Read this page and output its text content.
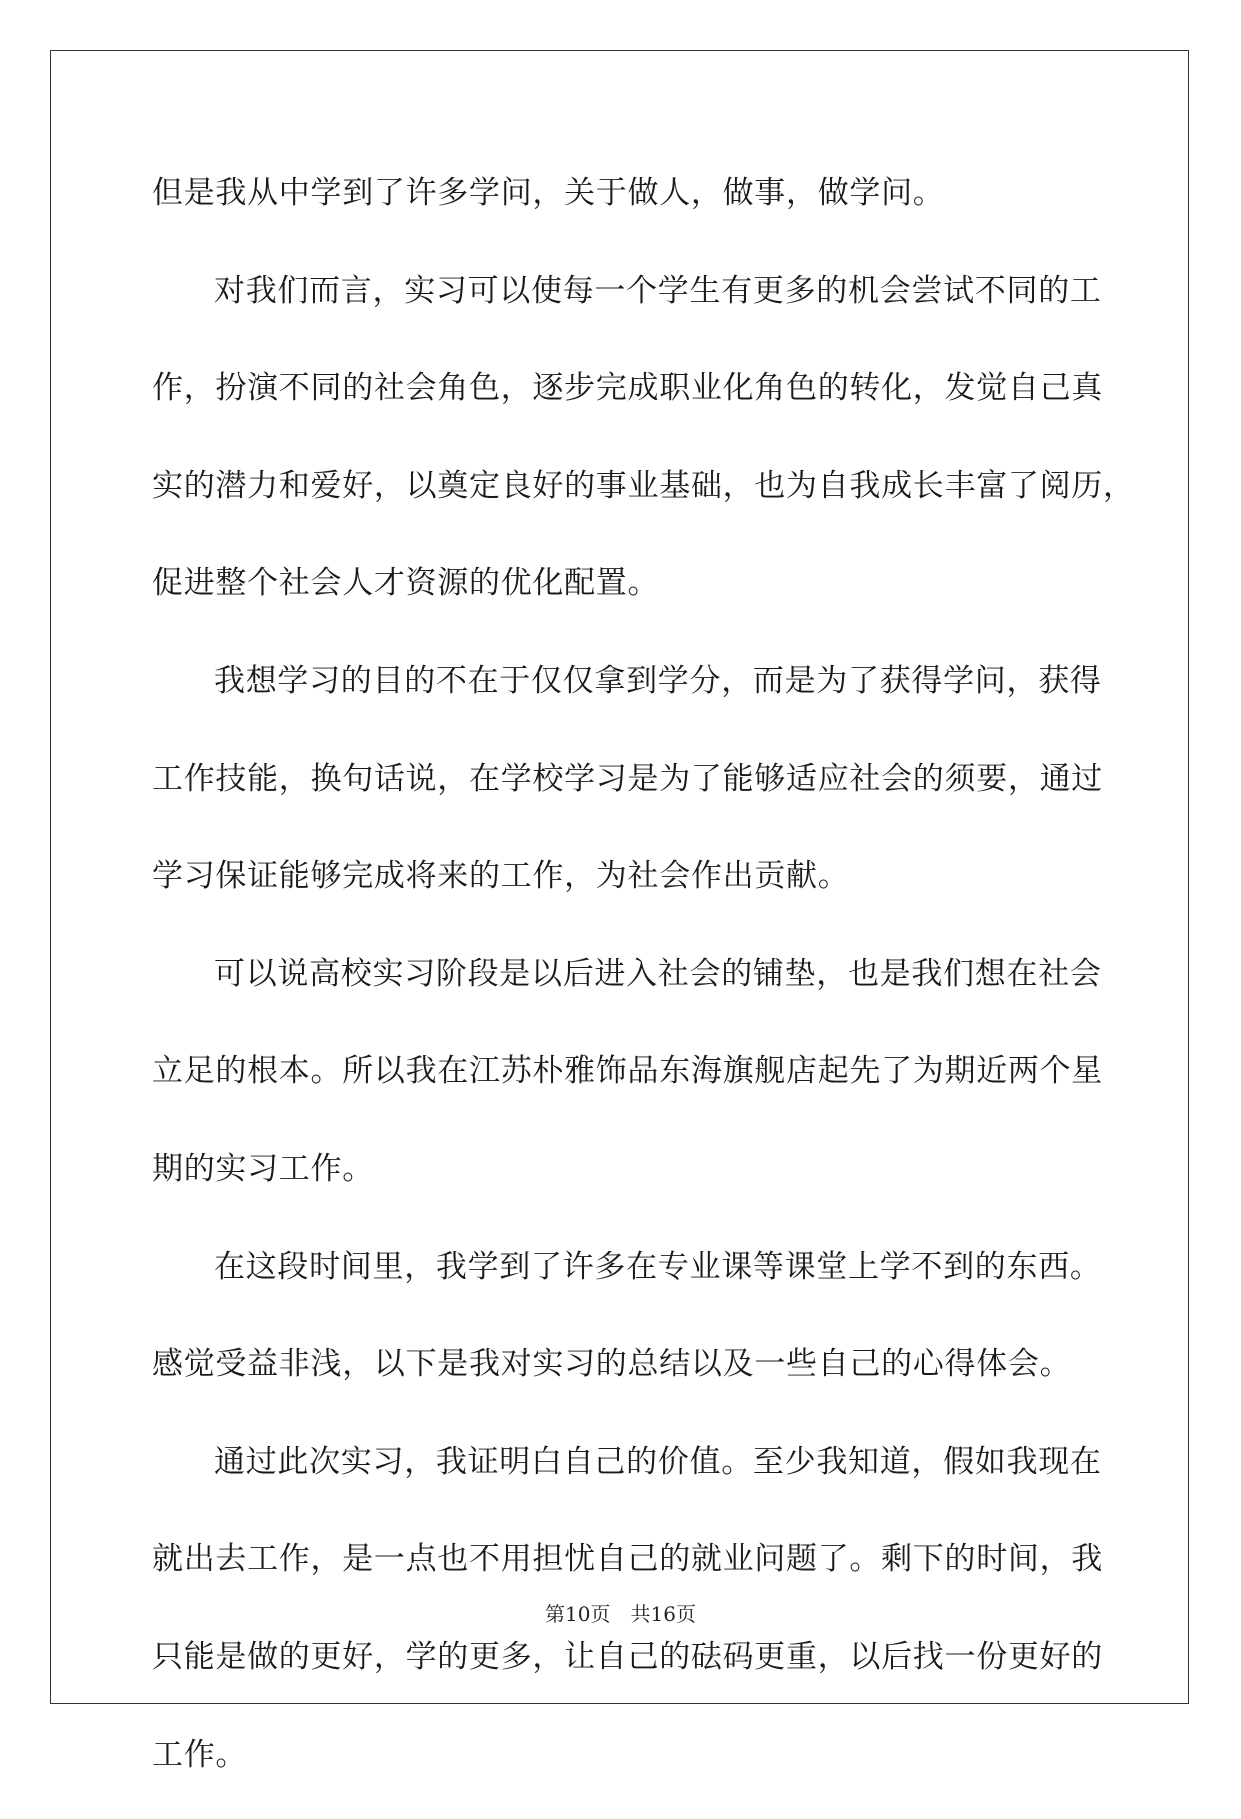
但是我从中学到了许多学问，关于做人，做事，做学问。
对我们而言，实习可以使每一个学生有更多的机会尝试不同的工
作，扮演不同的社会角色，逐步完成职业化角色的转化，发觉自己真
实的潜力和爱好，以奠定良好的事业基础，也为自我成长丰富了阅历，
促进整个社会人才资源的优化配置。
我想学习的目的不在于仅仅拿到学分，而是为了获得学问，获得
工作技能，换句话说，在学校学习是为了能够适应社会的须要，通过
学习保证能够完成将来的工作，为社会作出贡献。
可以说高校实习阶段是以后进入社会的铺垫，也是我们想在社会
立足的根本。所以我在江苏朴雅饰品东海旗舰店起先了为期近两个星
期的实习工作。
在这段时间里，我学到了许多在专业课等课堂上学不到的东西。
感觉受益非浅，以下是我对实习的总结以及一些自己的心得体会。
通过此次实习，我证明白自己的价值。至少我知道，假如我现在
就出去工作，是一点也不用担忧自己的就业问题了。剩下的时间，我
只能是做的更好，学的更多，让自己的砝码更重，以后找一份更好的
工作。
第10页　共16页
